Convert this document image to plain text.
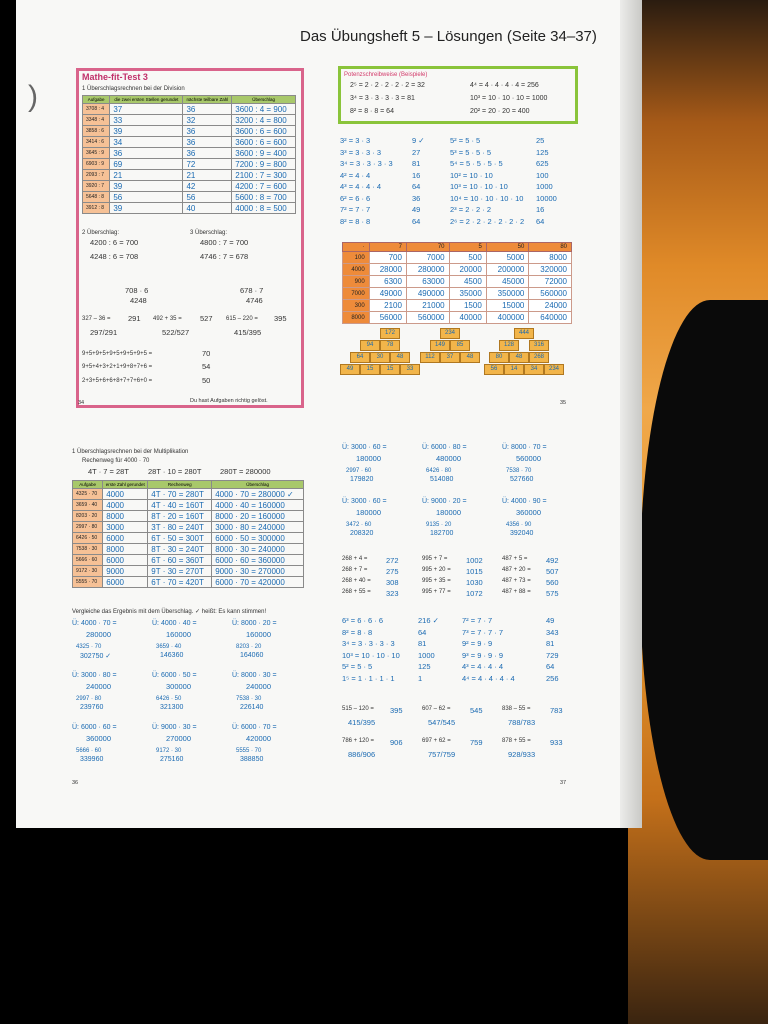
)
Das Übungsheft 5 – Lösungen (Seite 34–37)
Mathe-fit-Test 3
1 Überschlagsrechnen bei der Division
Aufgabe	die zwei ersten Stellen gerundet	nächste teilbare Zahl	Überschlag
3708 : 4	37	36	3600 : 4 = 900
3348 : 4	33	32	3200 : 4 = 800
3858 : 6	39	36	3600 : 6 = 600
3414 : 6	34	36	3600 : 6 = 600
3645 : 9	36	36	3600 : 9 = 400
6903 : 9	69	72	7200 : 9 = 800
2093 : 7	21	21	2100 : 7 = 300
3920 : 7	39	42	4200 : 7 = 600
5648 : 8	56	56	5600 : 8 = 700
3912 : 8	39	40	4000 : 8 = 500
2 Überschlag:
4200 : 6 = 700
3 Überschlag:
4800 : 7 = 700
4248 : 6 = 708
708 · 6
4248
4746 : 7 = 678
678 · 7
4746
327 – 36 = 291 492 + 35 = 527 615 – 220 = 395
297/291	522/527	415/395
9+5+9+5+9+5+9+5+9+5 =	70
9+5+4+3+2+1+9+8+7+6 =	54
2+3+5+6+6+8+7+7+6+0 =	50
Du hast Aufgaben richtig gelöst.
34
Potenzschreibweise (Beispiele)
2⁵ = 2 · 2 · 2 · 2 · 2 = 32	4⁴ = 4 · 4 · 4 · 4 = 256
3⁴ = 3 · 3 · 3 · 3 = 81	10³ = 10 · 10 · 10 = 1000
8² = 8 · 8 = 64	20² = 20 · 20 = 400
3² = 3 · 3	9 ✓
3³ = 3 · 3 · 3	27
3⁴ = 3 · 3 · 3 · 3	81
4² = 4 · 4	16
4³ = 4 · 4 · 4	64
6² = 6 · 6	36
7² = 7 · 7	49
8² = 8 · 8	64
5² = 5 · 5	25
5³ = 5 · 5 · 5	125
5⁴ = 5 · 5 · 5 · 5	625
10² = 10 · 10	100
10³ = 10 · 10 · 10	1000
10⁴ = 10 · 10 · 10 · 10 10000
2³ = 2 · 2 · 2	16
2⁶ = 2 · 2 · 2 · 2 · 2 · 2 64
·	7	70	5	50	80
100	700	7000	500	5000	8000
4000	28000	280000	20000	200000	320000
900	6300	63000	4500	45000	72000
7000	49000	490000	35000	350000	560000
300	2100	21000	1500	15000	24000
8000	56000	560000	40000	400000	640000
172
94	78
64	30	48
49	15	15	33
234
149	85
112	37	48
444
128	316
80	48	268
56	14	34	234
35
1 Überschlagsrechnen bei der Multiplikation
Rechenweg für 4000 · 70
4T · 7 = 28T	28T · 10 = 280T 280T = 280000
Aufgabe	erste Zahl gerundet	Rechenweg	Überschlag
4325 · 70	4000	4T · 70 = 280T	4000 · 70 = 280000 ✓
3659 · 40	4000	4T · 40 = 160T	4000 · 40 = 160000
8203 · 20	8000	8T · 20 = 160T	8000 · 20 = 160000
2997 · 80	3000	3T · 80 = 240T	3000 · 80 = 240000
6426 · 50	6000	6T · 50 = 300T	6000 · 50 = 300000
7538 · 30	8000	8T · 30 = 240T	8000 · 30 = 240000
5666 · 60	6000	6T · 60 = 360T	6000 · 60 = 360000
9172 · 30	9000	9T · 30 = 270T	9000 · 30 = 270000
5555 · 70	6000	6T · 70 = 420T	6000 · 70 = 420000
Vergleiche das Ergebnis mit dem Überschlag. ✓ heißt: Es kann stimmen!
Ü: 4000 · 70 =
280000
4325 · 70
302750 ✓
Ü: 4000 · 40 =
160000
3659 · 40
146360
Ü: 8000 · 20 =
160000
8203 · 20
164060
Ü: 3000 · 80 =
240000
2997 · 80
239760
Ü: 6000 · 50 =
300000
6426 · 50
321300
Ü: 8000 · 30 =
240000
7538 · 30
226140
Ü: 6000 · 60 =
360000
5666 · 60
339960
Ü: 9000 · 30 =
270000
9172 · 30
275160
Ü: 6000 · 70 =
420000
5555 · 70
388850
36
Ü: 3000 · 60 =
180000
2997 · 60
179820
Ü: 6000 · 80 =
480000
6426 · 80
514080
Ü: 8000 · 70 =
560000
7538 · 70
527660
Ü: 3000 · 60 =
180000
3472 · 60
208320
Ü: 9000 · 20 =
180000
9135 · 20
182700
Ü: 4000 · 90 =
360000
4356 · 90
392040
268 + 4 = 272
268 + 7 = 275
268 + 40 = 308
268 + 55 = 323
995 + 7 = 1002
995 + 20 = 1015
995 + 35 = 1030
995 + 77 = 1072
487 + 5 = 492
487 + 20 = 507
487 + 73 = 560
487 + 88 = 575
6³ = 6 · 6 · 6	216 ✓
8² = 8 · 8	64
3⁴ = 3 · 3 · 3 · 3	81
10³ = 10 · 10 · 10 1000
5² = 5 · 5	125
1⁵ = 1 · 1 · 1 · 1	1
7² = 7 · 7	49
7³ = 7 · 7 · 7	343
9² = 9 · 9	81
9³ = 9 · 9 · 9	729
4³ = 4 · 4 · 4	64
4⁴ = 4 · 4 · 4 · 4	256
515 – 120 = 395
415/395
607 – 62 =	545
547/545
838 – 55 =	783
788/783
786 + 120 = 906
886/906
697 + 62 =	759
757/759
878 + 55 =	933
928/933
37
